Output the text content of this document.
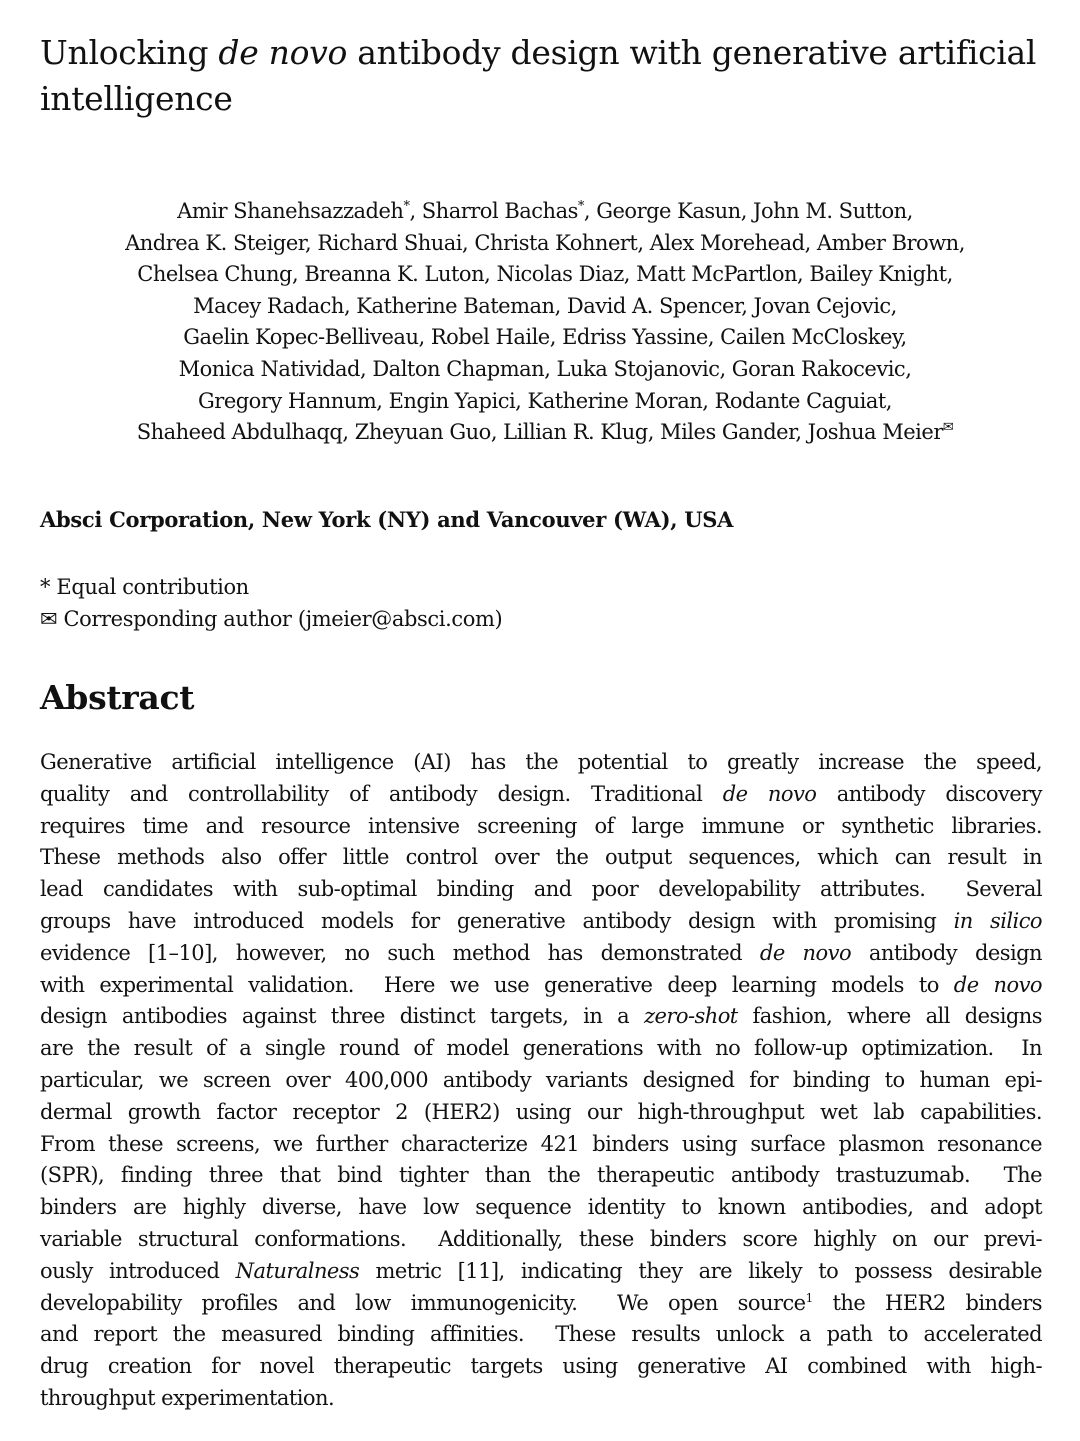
Unlocking de novo antibody design with generative artificial
intelligence
Amir Shanehsazzadeh*, Sharrol Bachas*, George Kasun, John M. Sutton,
Andrea K. Steiger, Richard Shuai, Christa Kohnert, Alex Morehead, Amber Brown,
Chelsea Chung, Breanna K. Luton, Nicolas Diaz, Matt McPartlon, Bailey Knight,
Macey Radach, Katherine Bateman, David A. Spencer, Jovan Cejovic,
Gaelin Kopec-Belliveau, Robel Haile, Edriss Yassine, Cailen McCloskey,
Monica Natividad, Dalton Chapman, Luka Stojanovic, Goran Rakocevic,
Gregory Hannum, Engin Yapici, Katherine Moran, Rodante Caguiat,
Shaheed Abdulhaqq, Zheyuan Guo, Lillian R. Klug, Miles Gander, Joshua Meier✉
Absci Corporation, New York (NY) and Vancouver (WA), USA
* Equal contribution
✉ Corresponding author (jmeier@absci.com)
Abstract
Generative artificial intelligence (AI) has the potential to greatly increase the speed,
quality and controllability of antibody design. Traditional de novo antibody discovery
requires time and resource intensive screening of large immune or synthetic libraries.
These methods also offer little control over the output sequences, which can result in
lead candidates with sub-optimal binding and poor developability attributes.  Several
groups have introduced models for generative antibody design with promising in silico
evidence [1–10], however, no such method has demonstrated de novo antibody design
with experimental validation.  Here we use generative deep learning models to de novo
design antibodies against three distinct targets, in a zero-shot fashion, where all designs
are the result of a single round of model generations with no follow-up optimization.  In
particular, we screen over 400,000 antibody variants designed for binding to human epi-
dermal growth factor receptor 2 (HER2) using our high-throughput wet lab capabilities.
From these screens, we further characterize 421 binders using surface plasmon resonance
(SPR), finding three that bind tighter than the therapeutic antibody trastuzumab.  The
binders are highly diverse, have low sequence identity to known antibodies, and adopt
variable structural conformations.  Additionally, these binders score highly on our previ-
ously introduced Naturalness metric [11], indicating they are likely to possess desirable
developability profiles and low immunogenicity.  We open source$^1$ the HER2 binders
and report the measured binding affinities.  These results unlock a path to accelerated
drug creation for novel therapeutic targets using generative AI combined with high-
throughput experimentation.
